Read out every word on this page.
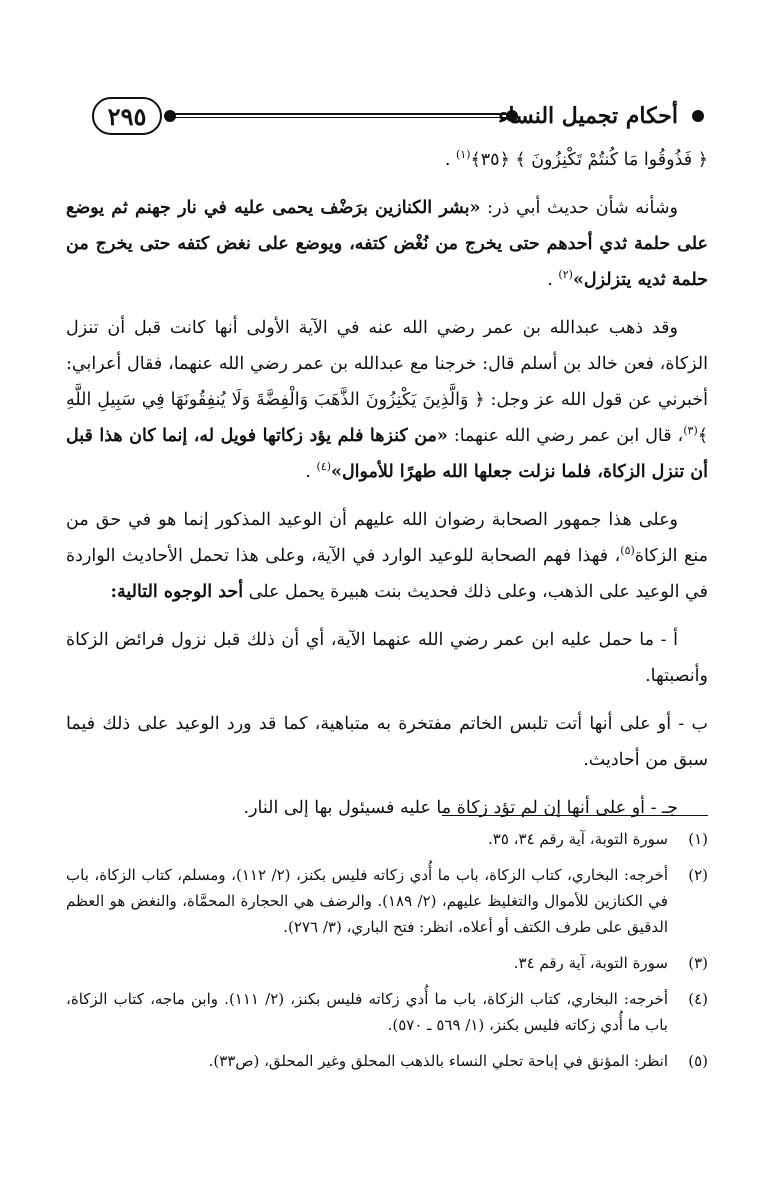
٢٩٥	أحكام تجميل النساء

﴿ فَذُوقُوا مَا كُنتُمْ تَكْنِزُونَ ﴾ ﴿٣٥﴾$^{(١)}$ .

وشأنه شأن حديث أبي ذر: «بشر الكنازين برَضْف يحمى عليه في نار جهنم ثم يوضع على حلمة ثدي أحدهم حتى يخرج من نُغْض كتفه، ويوضع على نغض كتفه حتى يخرج من حلمة ثديه يتزلزل»$^{(٢)}$ .

وقد ذهب عبدالله بن عمر رضي الله عنه في الآية الأولى أنها كانت قبل أن تنزل الزكاة، فعن خالد بن أسلم قال: خرجنا مع عبدالله بن عمر رضي الله عنهما، فقال أعرابي: أخبرني عن قول الله عز وجل: ﴿ وَالَّذِينَ يَكْنِزُونَ الذَّهَبَ وَالْفِضَّةَ وَلَا يُنفِقُونَهَا فِي سَبِيلِ اللَّهِ ﴾$^{(٣)}$، قال ابن عمر رضي الله عنهما: «من كنزها فلم يؤد زكاتها فويل له، إنما كان هذا قبل أن تنزل الزكاة، فلما نزلت جعلها الله طهرًا للأموال»$^{(٤)}$ .

وعلى هذا جمهور الصحابة رضوان الله عليهم أن الوعيد المذكور إنما هو في حق من منع الزكاة$^{(٥)}$، فهذا فهم الصحابة للوعيد الوارد في الآية، وعلى هذا تحمل الأحاديث الواردة في الوعيد على الذهب، وعلى ذلك فحديث بنت هبيرة يحمل على أحد الوجوه التالية:

أ - ما حمل عليه ابن عمر رضي الله عنهما الآية، أي أن ذلك قبل نزول فرائض الزكاة وأنصبتها.

ب - أو على أنها أتت تلبس الخاتم مفتخرة به متباهية، كما قد ورد الوعيد على ذلك فيما سبق من أحاديث.

جـ - أو على أنها إن لم تؤد زكاة ما عليه فسيئول بها إلى النار.

(١)
سورة التوبة، آية رقم ٣٤، ٣٥.
(٢)
أخرجه: البخاري، كتاب الزكاة، باب ما أُدي زكاته فليس بكنز، (٢/ ١١٢)، ومسلم، كتاب الزكاة، باب في الكنازين للأموال والتغليظ عليهم، (٢/ ١٨٩). والرضف هي الحجارة المحمَّاة، والنغض هو العظم الدقيق على طرف الكتف أو أعلاه، انظر: فتح الباري، (٣/ ٢٧٦).
(٣)
سورة التوبة، آية رقم ٣٤.
(٤)
أخرجه: البخاري، كتاب الزكاة، باب ما أُدي زكاته فليس بكنز، (٢/ ١١١). وابن ماجه، كتاب الزكاة، باب ما أُدي زكاته فليس بكنز، (١/ ٥٦٩ ـ ٥٧٠).
(٥)
انظر: المؤنق في إباحة تحلي النساء بالذهب المحلق وغير المحلق، (ص٣٣).
